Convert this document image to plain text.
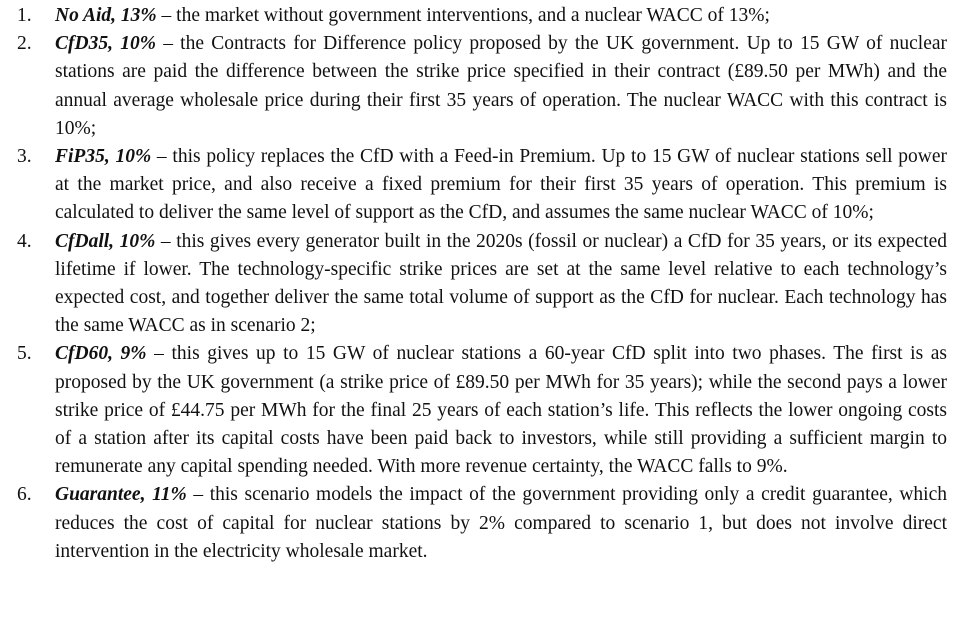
1. No Aid, 13% – the market without government interventions, and a nuclear WACC of 13%;
2. CfD35, 10% – the Contracts for Difference policy proposed by the UK government. Up to 15 GW of nuclear stations are paid the difference between the strike price specified in their contract (£89.50 per MWh) and the annual average wholesale price during their first 35 years of operation. The nuclear WACC with this contract is 10%;
3. FiP35, 10% – this policy replaces the CfD with a Feed-in Premium. Up to 15 GW of nuclear stations sell power at the market price, and also receive a fixed premium for their first 35 years of operation. This premium is calculated to deliver the same level of support as the CfD, and assumes the same nuclear WACC of 10%;
4. CfDall, 10% – this gives every generator built in the 2020s (fossil or nuclear) a CfD for 35 years, or its expected lifetime if lower. The technology-specific strike prices are set at the same level relative to each technology’s expected cost, and together deliver the same total volume of support as the CfD for nuclear. Each technology has the same WACC as in scenario 2;
5. CfD60, 9% – this gives up to 15 GW of nuclear stations a 60-year CfD split into two phases. The first is as proposed by the UK government (a strike price of £89.50 per MWh for 35 years); while the second pays a lower strike price of £44.75 per MWh for the final 25 years of each station’s life. This reflects the lower ongoing costs of a station after its capital costs have been paid back to investors, while still providing a sufficient margin to remunerate any capital spending needed. With more revenue certainty, the WACC falls to 9%.
6. Guarantee, 11% – this scenario models the impact of the government providing only a credit guarantee, which reduces the cost of capital for nuclear stations by 2% compared to scenario 1, but does not involve direct intervention in the electricity wholesale market.
